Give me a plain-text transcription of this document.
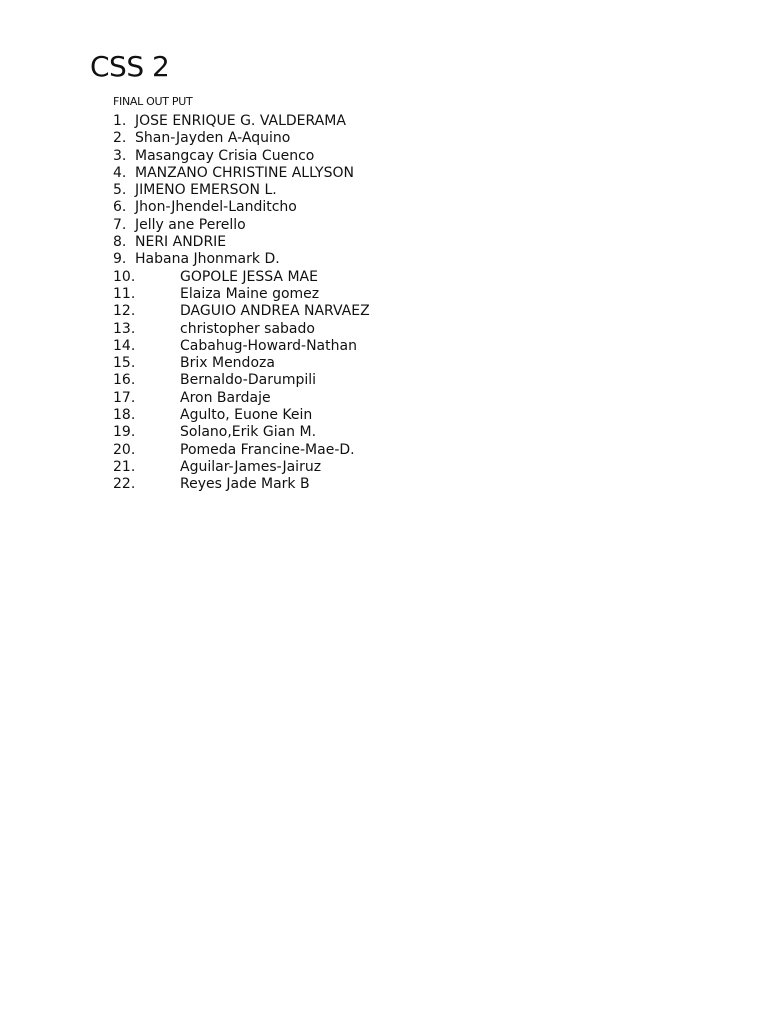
CSS 2

FINAL OUT PUT

1. JOSE ENRIQUE G. VALDERAMA
2. Shan-Jayden A-Aquino
3. Masangcay Crisia Cuenco
4. MANZANO CHRISTINE ALLYSON
5. JIMENO EMERSON L.
6. Jhon-Jhendel-Landitcho
7. Jelly ane Perello
8. NERI ANDRIE
9. Habana Jhonmark D.
10.	GOPOLE JESSA MAE
11.	Elaiza Maine gomez
12.	DAGUIO ANDREA NARVAEZ
13.	christopher sabado
14.	Cabahug-Howard-Nathan
15.	Brix Mendoza
16.	Bernaldo-Darumpili
17.	Aron Bardaje
18.	Agulto, Euone Kein
19.	Solano,Erik Gian M.
20.	Pomeda Francine-Mae-D.
21.	Aguilar-James-Jairuz
22.	Reyes Jade Mark B
